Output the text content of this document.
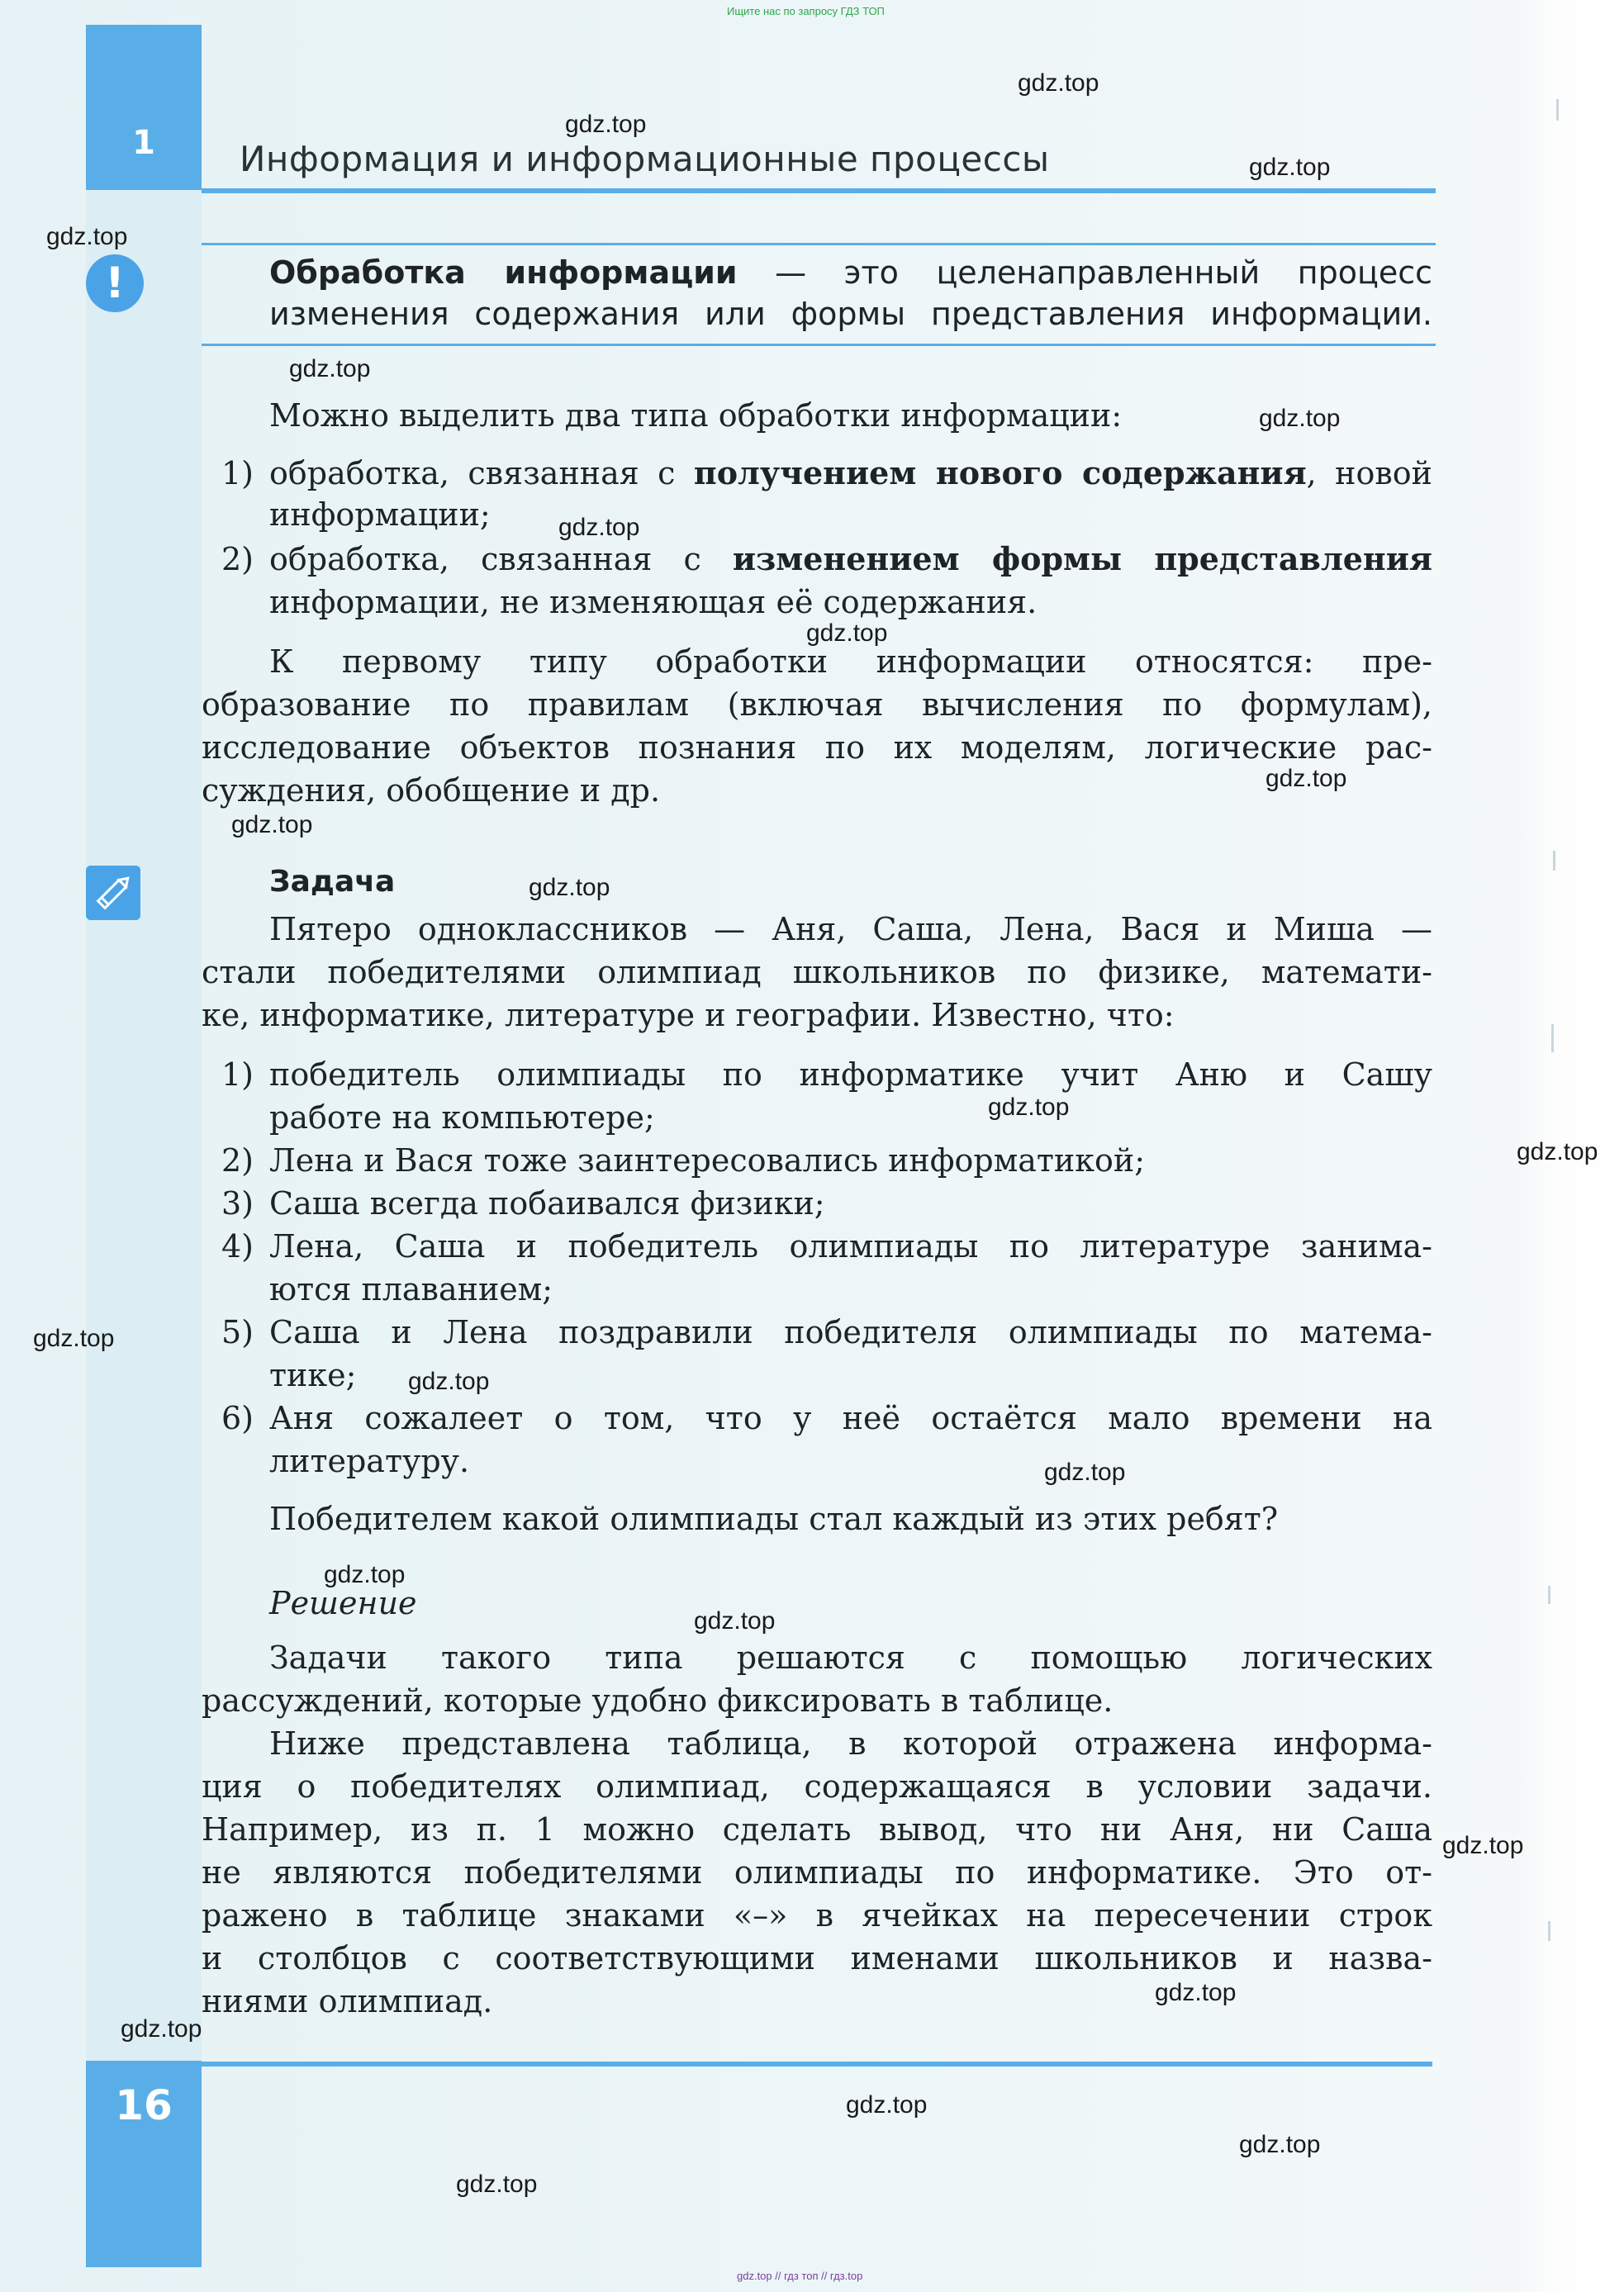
Ищите нас по запросу ГДЗ ТОП
1	Информация и информационные процессы
!	Обработка информации — это целенаправленный процесс
изменения содержания или формы представления информации.
Можно выделить два типа обработки информации:
1) обработка, связанная с получением нового содержания, новой
информации;
2) обработка, связанная с изменением формы представления
информации, не изменяющая её содержания.
К первому типу обработки информации относятся: пре-
образование по правилам (включая вычисления по формулам),
исследование объектов познания по их моделям, логические рас-
суждения, обобщение и др.
Задача
Пятеро одноклассников — Аня, Саша, Лена, Вася и Миша —
стали победителями олимпиад школьников по физике, математи-
ке, информатике, литературе и географии. Известно, что:
1) победитель олимпиады по информатике учит Аню и Сашу
работе на компьютере;
2) Лена и Вася тоже заинтересовались информатикой;
3) Саша всегда побаивался физики;
4) Лена, Саша и победитель олимпиады по литературе занима-
ются плаванием;
5) Саша и Лена поздравили победителя олимпиады по матема-
тике;
6) Аня сожалеет о том, что у неё остаётся мало времени на
литературу.
Победителем какой олимпиады стал каждый из этих ребят?
Решение
Задачи такого типа решаются с помощью логических
рассуждений, которые удобно фиксировать в таблице.
Ниже представлена таблица, в которой отражена информа-
ция о победителях олимпиад, содержащаяся в условии задачи.
Например, из п. 1 можно сделать вывод, что ни Аня, ни Саша
не являются победителями олимпиады по информатике. Это от-
ражено в таблице знаками «–» в ячейках на пересечении строк
и столбцов с соответствующими именами школьников и назва-
ниями олимпиад.
16
gdz.top // гдз топ // гдз.top
gdz.top
gdz.top
gdz.top
gdz.top
gdz.top
gdz.top
gdz.top
gdz.top
gdz.top
gdz.top
gdz.top
gdz.top
gdz.top
gdz.top
gdz.top
gdz.top
gdz.top
gdz.top
gdz.top
gdz.top
gdz.top
gdz.top
gdz.top
gdz.top
